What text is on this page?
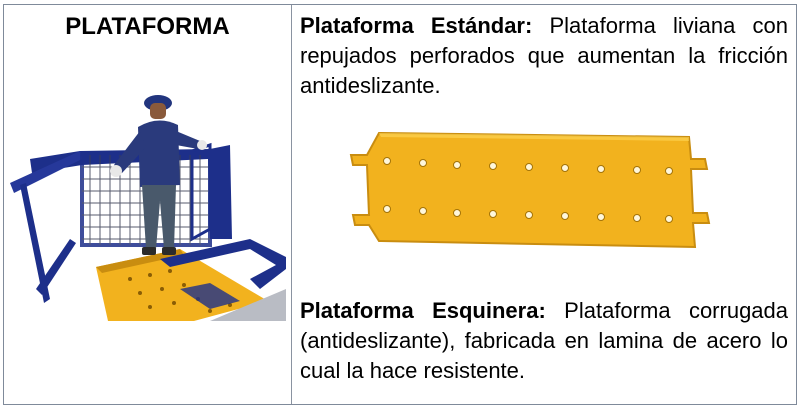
PLATAFORMA	Plataforma Estándar: Plataforma liviana con repujados perforados que aumentan la fricción antideslizante.
Plataforma Esquinera: Plataforma corrugada (antideslizante), fabricada en lamina de acero lo cual la hace resistente.
